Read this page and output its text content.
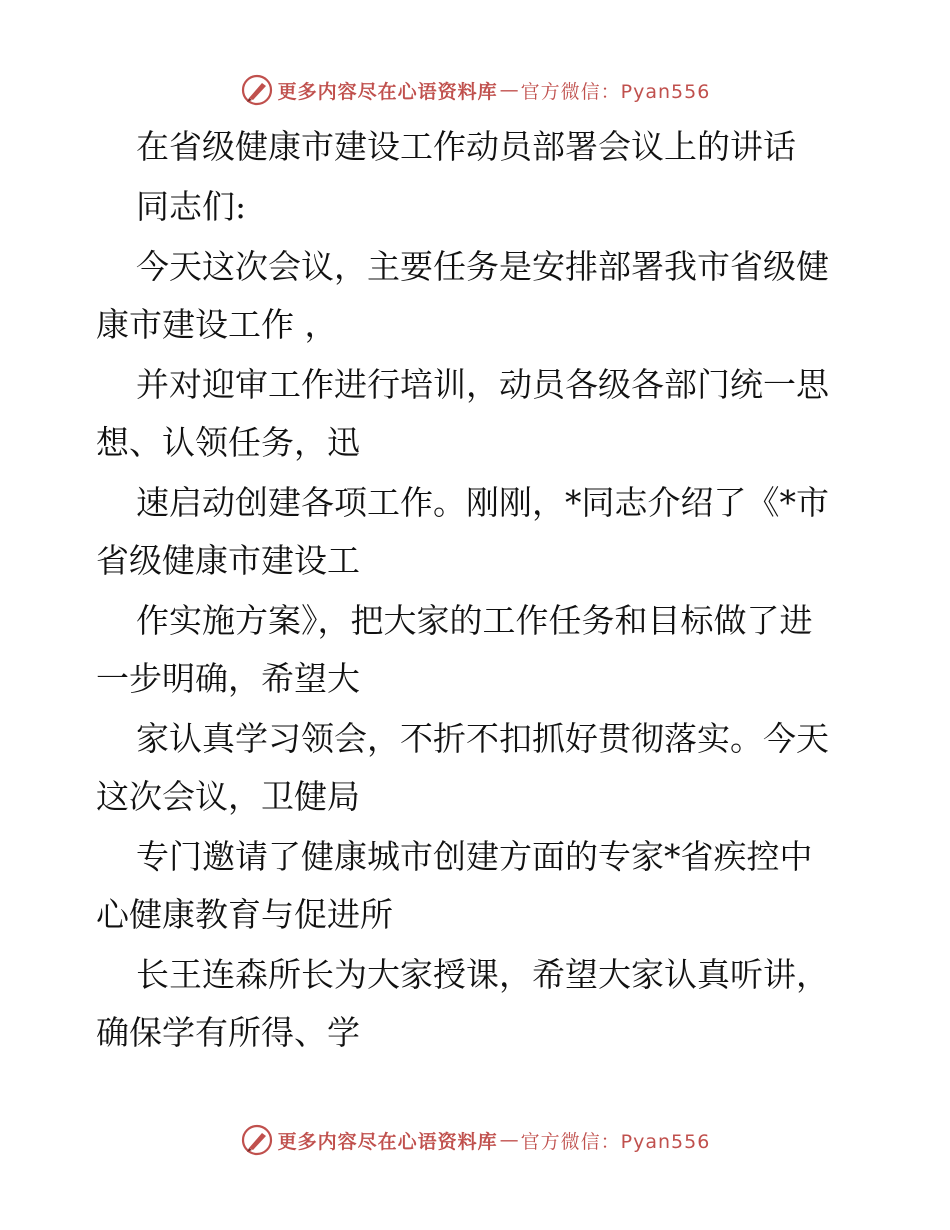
更多内容尽在心语资料库 — 官方微信：Pyan556
在省级健康市建设工作动员部署会议上的讲话
同志们:
今天这次会议，主要任务是安排部署我市省级健
康市建设工作 ，
并对迎审工作进行培训，动员各级各部门统一思
想、认领任务，迅
速启动创建各项工作。刚刚，*同志介绍了《*市
省级健康市建设工
作实施方案》，把大家的工作任务和目标做了进
一步明确，希望大
家认真学习领会，不折不扣抓好贯彻落实。今天
这次会议，卫健局
专门邀请了健康城市创建方面的专家*省疾控中
心健康教育与促进所
长王连森所长为大家授课，希望大家认真听讲，
确保学有所得、学
更多内容尽在心语资料库 — 官方微信：Pyan556
